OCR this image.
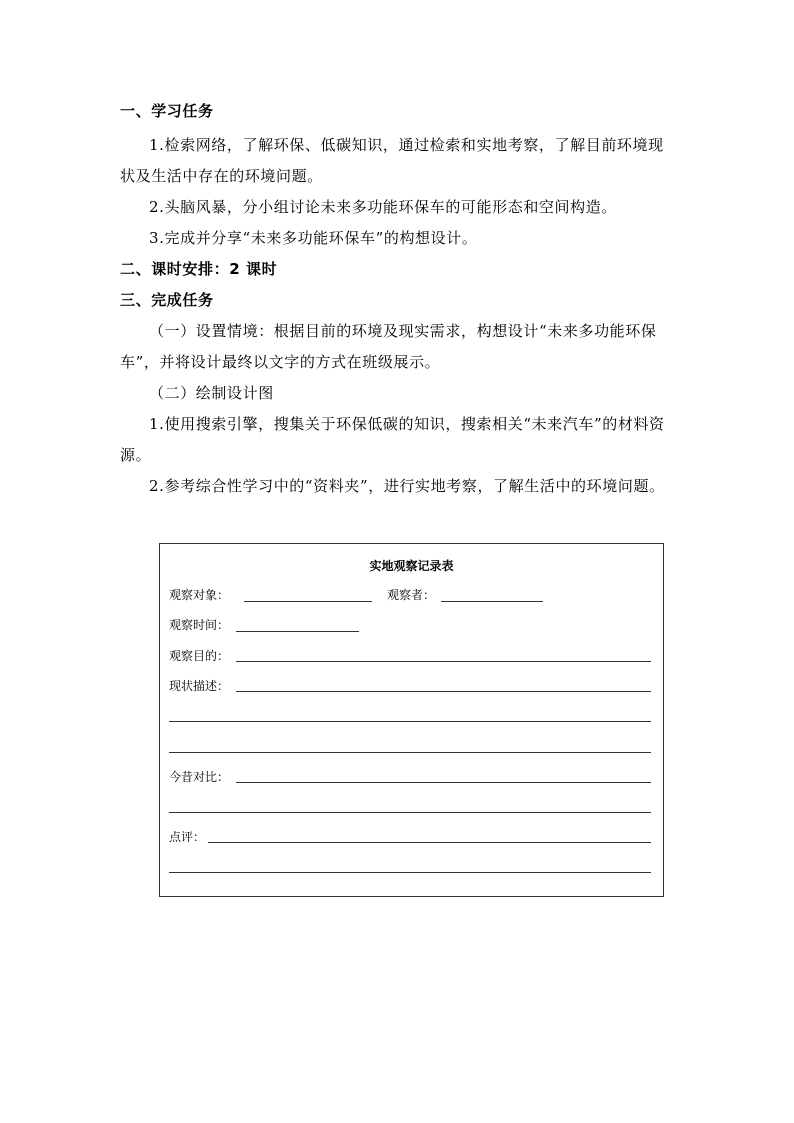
一、学习任务
1.检索网络，了解环保、低碳知识，通过检索和实地考察，了解目前环境现状及生活中存在的环境问题。
2.头脑风暴，分小组讨论未来多功能环保车的可能形态和空间构造。
3.完成并分享“未来多功能环保车”的构想设计。
二、课时安排：2 课时
三、完成任务
（一）设置情境：根据目前的环境及现实需求，构想设计“未来多功能环保车”，并将设计最终以文字的方式在班级展示。
（二）绘制设计图
1.使用搜索引擎，搜集关于环保低碳的知识，搜索相关“未来汽车”的材料资源。
2.参考综合性学习中的“资料夹”，进行实地考察，了解生活中的环境问题。
实地观察记录表
观察对象：	观察者：
观察时间：
观察目的：
现状描述：
今昔对比：
点评：
